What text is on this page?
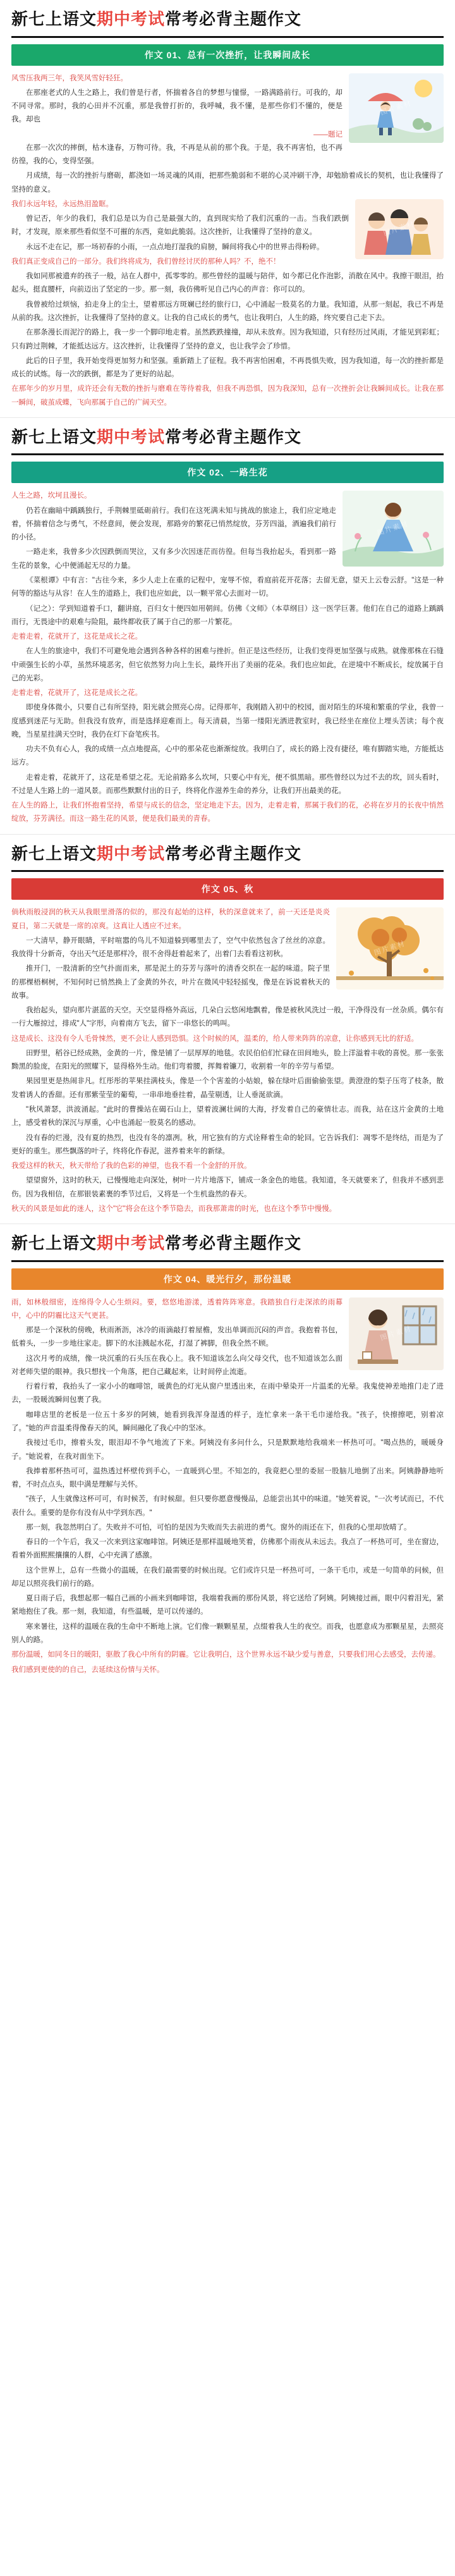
新七上语文期中考试常考必背主题作文
作文 01、总有一次挫折，让我瞬间成长
图片素材

风雪压我两三年，我笑风雪好轻狂。

在那座老式的人生之路上，我们曾是行者，怀揣着各自的梦想与憧憬，一路满路前行。可我的，却不同寻常。那时，我的心田并不沉重，那是我曾打折的，我呼喊，我不懂，是那些你们不懂的，便是我。却也

——题记

在那一次次的摔倒，枯木逢春，万物可待。我，不再是从前的那个我。于是，我不再害怕，也不再彷徨，我的心，变得坚强。

月成绩，每一次的挫折与磨砺，都浇如一场灵魂的风雨，把那些脆弱和不堪的心灵冲刷干净，却勉励着成长的契机，也让我懂得了坚持的意义。

图片素材

我们永远年轻，永远热泪盈眶。

曾记否，年少的我们，我们总是以为自己是最强大的，直到现实给了我们沉重的一击。当我们跌倒时，才发现，原来那些看似坚不可摧的东西，竟如此脆弱。这次挫折，让我懂得了坚持的意义。

永远不走在记，那一场初春的小雨，一点点地打湿我的肩膀，瞬间将我心中的世界击得粉碎。

我们真正变成自己的一部分。我们终将成为，我们曾经讨厌的那种人吗？不，绝不！

我如同那被遗弃的孩子一般，站在人群中，孤零零的。那些曾经的温暖与陪伴，如今都已化作泡影，消散在风中。我擦干眼泪，抬起头，挺直腰杆，向前迈出了坚定的一步。那一刻，我仿佛听见自己内心的声音：你可以的。

我曾被给过烦恼，拍走身上的尘土，望着那远方斑斓已经的旅行口，心中涌起一股莫名的力量。我知道，从那一刻起，我已不再是从前的我。这次挫折，让我懂得了坚持的意义。让我的自己成长的勇气，也让我明白，人生的路，终究要自己走下去。

在那条漫长而泥泞的路上，我一步一个脚印地走着。虽然跌跌撞撞，却从未放弃。因为我知道，只有经历过风雨，才能见到彩虹；只有跨过荆棘，才能抵达远方。这次挫折，让我懂得了坚持的意义，也让我学会了珍惜。

此后的日子里，我开始变得更加努力和坚强。重新踏上了征程。我不再害怕困难，不再畏惧失败，因为我知道，每一次的挫折都是成长的试炼。每一次的跌倒，都是为了更好的站起。

在那年少的岁月里，成许还会有无数的挫折与磨难在等待着我，但我不再恐惧，因为我深知，总有一次挫折会让我瞬间成长。让我在那一瞬间，破茧成蝶，飞向那属于自己的广阔天空。

新七上语文期中考试常考必背主题作文
作文 02、一路生花
图片素材

人生之路，坎坷且漫长。

仍若在幽暗中踽踽独行，手荆棘里砥砺前行。我们在这死满未知与挑战的旅途上，我们应定地走着，怀揣着信念与勇气，不经意间，便会发现，那路旁的繁花已悄然绽放，芬芳四溢，酒遍我们前行的小径。

一路走来，我曾多少次因跌倒而哭泣，又有多少次因迷茫而彷徨。但每当我抬起头，看到那一路生花的景象，心中便涌起无尽的力量。

《菜根谭》中有言："古往今来，多少人走上在重的记程中，宠辱不惊，看庭前花开花落；去留无意，望天上云卷云舒。"这是一种何等的豁达与从容！在人生的道路上，我们也应如此，以一颗平常心去面对一切。

（记之）：学到知道着手口，翻讲庭，百归女十便四如用朝间。仿佛《文师》（本草纲目）这一医学巨著。他们在自己的道路上踽踽而行，无畏途中的艰难与险阻，最终都收获了属于自己的那一片繁花。

走着走着，花就开了，这花是成长之花。

在人生的旅途中，我们不可避免地会遇到各种各样的困难与挫折。但正是这些经历，让我们变得更加坚强与成熟。就像那株在石缝中顽强生长的小草，虽然环境恶劣，但它依然努力向上生长，最终开出了美丽的花朵。我们也应如此，在逆境中不断成长，绽放属于自己的光彩。

走着走着，花就开了，这花是成长之花。

即使身体微小，只要自己有所坚持，阳光就会照亮心房。记得那年，我刚踏入初中的校园，面对陌生的环境和繁重的学业，我曾一度感到迷茫与无助。但我没有放弃，而是选择迎难而上。每天清晨，当第一缕阳光洒进教室时，我已经坐在座位上埋头苦读；每个夜晚，当星星挂满天空时，我仍在灯下奋笔疾书。

功夫不负有心人，我的成绩一点点地提高，心中的那朵花也渐渐绽放。我明白了，成长的路上没有捷径，唯有脚踏实地，方能抵达远方。

走着走着，花就开了，这花是希望之花。无论前路多么坎坷，只要心中有光，便不惧黑暗。那些曾经以为过不去的坎，回头看时，不过是人生路上的一道风景。而那些默默付出的日子，终将化作滋养生命的养分，让我们开出最美的花。

在人生的路上，让我们怀抱着坚持，希望与成长的信念，坚定地走下去。因为，走着走着，那属于我们的花，必将在岁月的长夜中悄然绽放，芬芳满径。而这一路生花的风景，便是我们最美的青春。

新七上语文期中考试常考必背主题作文
作文 05、秋
图片素材

倘秋雨般浸润的秋天从我眼里滑落的似的，那没有起始的这样，秋的深意就来了，前一天还是炎炎夏日，第二天就是一席的凉爽。这真让人透应不过来。

一大清早，静开眼睛，平时喧嚣的鸟儿不知道躲到哪里去了，空气中依然包含了丝丝的凉意。我放得十分新奇，夺出天气还是那样冷，很不舍得赶着起来了，出着门去看看这初秋。

推开门，一股清新的空气扑面而来，那是泥土的芬芳与落叶的清香交织在一起的味道。院子里的那棵梧桐树，不知何时已悄然换上了金黄的外衣，叶片在微风中轻轻摇曳，像是在诉说着秋天的故事。

我抬起头，望向那片湛蓝的天空。天空显得格外高远，几朵白云悠闲地飘着，像是被秋风洗过一般，干净得没有一丝杂质。偶尔有一行大雁掠过，排成"人"字形，向着南方飞去，留下一串悠长的鸣叫。

这是成长、这没有令人毛骨悚然，更不会让人感到恐惧。这个时候的风，温柔的，给人带来阵阵的凉意，让你感到无比的舒适。

田野里，稻谷已经成熟，金黄的一片，像是铺了一层厚厚的地毯。农民伯伯们忙碌在田间地头，脸上洋溢着丰收的喜悦。那一张张黝黑的脸庞，在阳光的照耀下，显得格外生动。他们弯着腰，挥舞着镰刀，收割着一年的辛劳与希望。

果园里更是热闹非凡。红彤彤的苹果挂满枝头，像是一个个害羞的小姑娘，躲在绿叶后面偷偷张望。黄澄澄的梨子压弯了枝条，散发着诱人的香甜。还有那紫莹莹的葡萄，一串串地垂挂着，晶莹剔透，让人垂涎欲滴。

"秋风萧瑟，洪波涌起。"此时的曹操站在碣石山上，望着波澜壮阔的大海，抒发着自己的豪情壮志。而我，站在这片金黄的土地上，感受着秋的深沉与厚重，心中也涌起一股莫名的感动。

没有春的烂漫，没有夏的热烈，也没有冬的凛冽。秋，用它独有的方式诠释着生命的轮回。它告诉我们：凋零不是终结，而是为了更好的重生。那些飘落的叶子，终将化作春泥，滋养着来年的新绿。

我爱这样的秋天，秋天带给了我的色彩的神望，也我不看一个金舒的开放。

望望窗外，这时的秋天，已慢慢地走向深处，树叶一片片地落下，铺成一条金色的地毯。我知道，冬天就要来了，但我并不感到悲伤。因为我相信，在那银装素裹的季节过后，又将是一个生机盎然的春天。

秋天的风景是如此的迷人，这个"它"将会在这个季节隐去，而我那萧肃的时光，也在这个季节中慢慢。

新七上语文期中考试常考必背主题作文
作文 04、暖光行夕，那份温暖
图片素材

雨，如林般细密，连绵得令人心生烦闷。要，悠悠地游漾，透着阵阵寒意。我踏独自行走深浓的雨幕中，心中的阴霾比这天气更甚。

那是一个深秋的傍晚，秋雨淅沥，冰冷的雨滴敲打着屋檐，发出单调而沉闷的声音。我抱着书包，低着头，一步一步地往家走。脚下的水洼溅起水花，打湿了裤脚，但我全然不顾。

这次月考的成绩，像一块沉重的石头压在我心上。我不知道该怎么向父母交代，也不知道该怎么面对老师失望的眼神。我只想找一个角落，把自己藏起来，让时间停止流逝。

行着行着，我抬头了一家小小的咖啡馆，暖黄色的灯光从窗户里透出来，在雨中晕染开一片温柔的光晕。我鬼使神差地推门走了进去，一股暖流瞬间包裹了我。

咖啡店里的老板是一位五十多岁的阿姨，她看到我浑身湿透的样子，连忙拿来一条干毛巾递给我。"孩子，快擦擦吧，别着凉了。"她的声音温柔得像春天的风，瞬间融化了我心中的坚冰。

我接过毛巾，擦着头发，眼泪却不争气地流了下来。阿姨没有多问什么，只是默默地给我端来一杯热可可。"喝点热的，暖暖身子。"她说着，在我对面坐下。

我捧着那杯热可可，温热透过杯壁传到手心，一直暖到心里。不知怎的，我竟把心里的委屈一股脑儿地倒了出来。阿姨静静地听着，不时点点头，眼中满是理解与关怀。

"孩子，人生就像这杯可可，有时候苦，有时候甜。但只要你愿意慢慢品，总能尝出其中的味道。"她笑着说，"一次考试而已，不代表什么。重要的是你有没有从中学到东西。"

那一刻，我忽然明白了。失败并不可怕，可怕的是因为失败而失去前进的勇气。窗外的雨还在下，但我的心里却放晴了。

春日的一个午后，我又一次来到这家咖啡馆。阿姨还是那样温暖地笑着，仿佛那个雨夜从未远去。我点了一杯热可可，坐在窗边，看着外面熙熙攘攘的人群，心中充满了感激。

这个世界上，总有一些微小的温暖，在我们最需要的时候出现。它们或许只是一杯热可可，一条干毛巾，或是一句简单的问候，但却足以照亮我们前行的路。

夏日雨子后，我想起那一幅自己画的小画来到咖啡馆，我端着我画的那份风景，将它送给了阿姨。阿姨接过画，眼中闪着泪光，紧紧地抱住了我。那一刻，我知道，有些温暖，是可以传递的。

寒来暑往，这样的温暖在我的生命中不断地上演。它们像一颗颗星星，点缀着我人生的夜空。而我，也愿意成为那颗星星，去照亮别人的路。

那份温暖，如同冬日的暖阳，驱散了我心中所有的阴霾。它让我明白，这个世界永远不缺少爱与善意，只要我们用心去感受，去传递。

我们感到更使的的自己，去延续这份情与关怀。
